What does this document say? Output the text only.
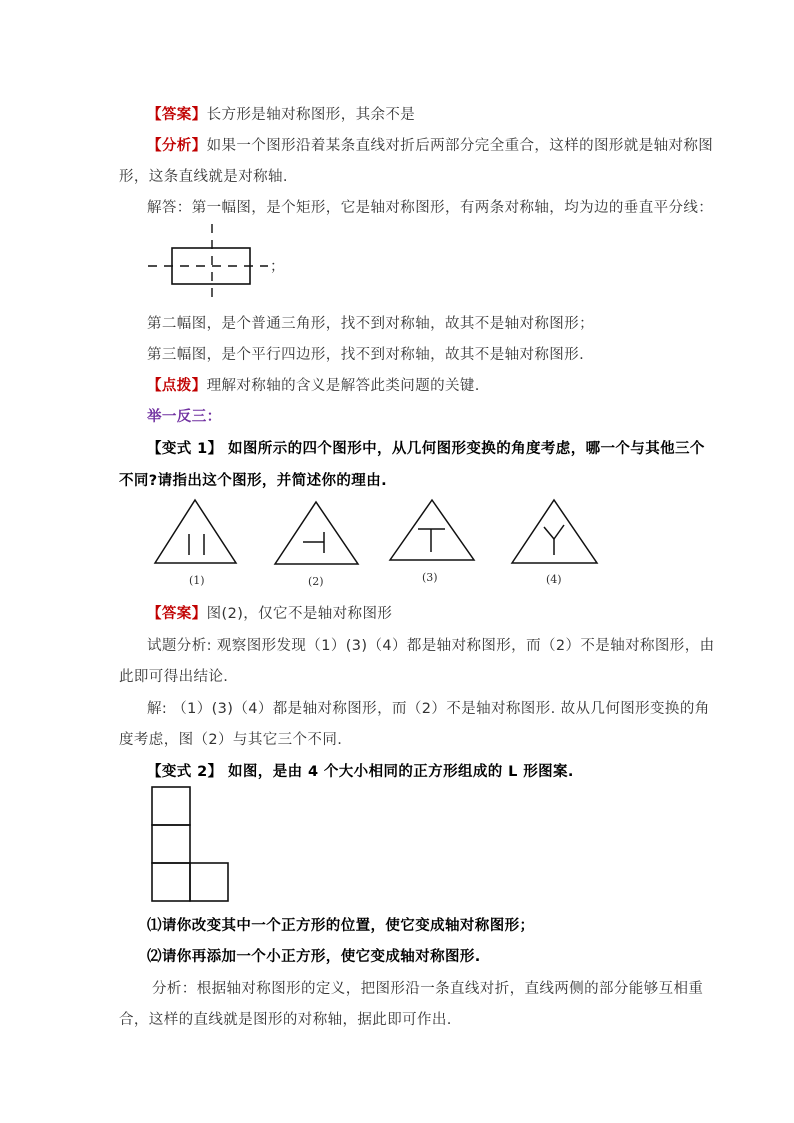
【答案】长方形是轴对称图形，其余不是
【分析】如果一个图形沿着某条直线对折后两部分完全重合，这样的图形就是轴对称图
形，这条直线就是对称轴.
解答：第一幅图，是个矩形，它是轴对称图形，有两条对称轴，均为边的垂直平分线：
；
第二幅图，是个普通三角形，找不到对称轴，故其不是轴对称图形；
第三幅图，是个平行四边形，找不到对称轴，故其不是轴对称图形.
【点拨】理解对称轴的含义是解答此类问题的关键.
举一反三：
【变式 1】 如图所示的四个图形中，从几何图形变换的角度考虑，哪一个与其他三个
不同?请指出这个图形，并简述你的理由.
(1)	(2)	(3)	(4)
【答案】图(2)，仅它不是轴对称图形
试题分析: 观察图形发现（1）(3)（4）都是轴对称图形，而（2）不是轴对称图形，由
此即可得出结论.
解: （1）(3)（4）都是轴对称图形，而（2）不是轴对称图形. 故从几何图形变换的角
度考虑，图（2）与其它三个不同.
【变式 2】 如图，是由 4 个大小相同的正方形组成的 L 形图案.
⑴请你改变其中一个正方形的位置，使它变成轴对称图形；
⑵请你再添加一个小正方形，使它变成轴对称图形.
分析：根据轴对称图形的定义，把图形沿一条直线对折，直线两侧的部分能够互相重
合，这样的直线就是图形的对称轴，据此即可作出.
